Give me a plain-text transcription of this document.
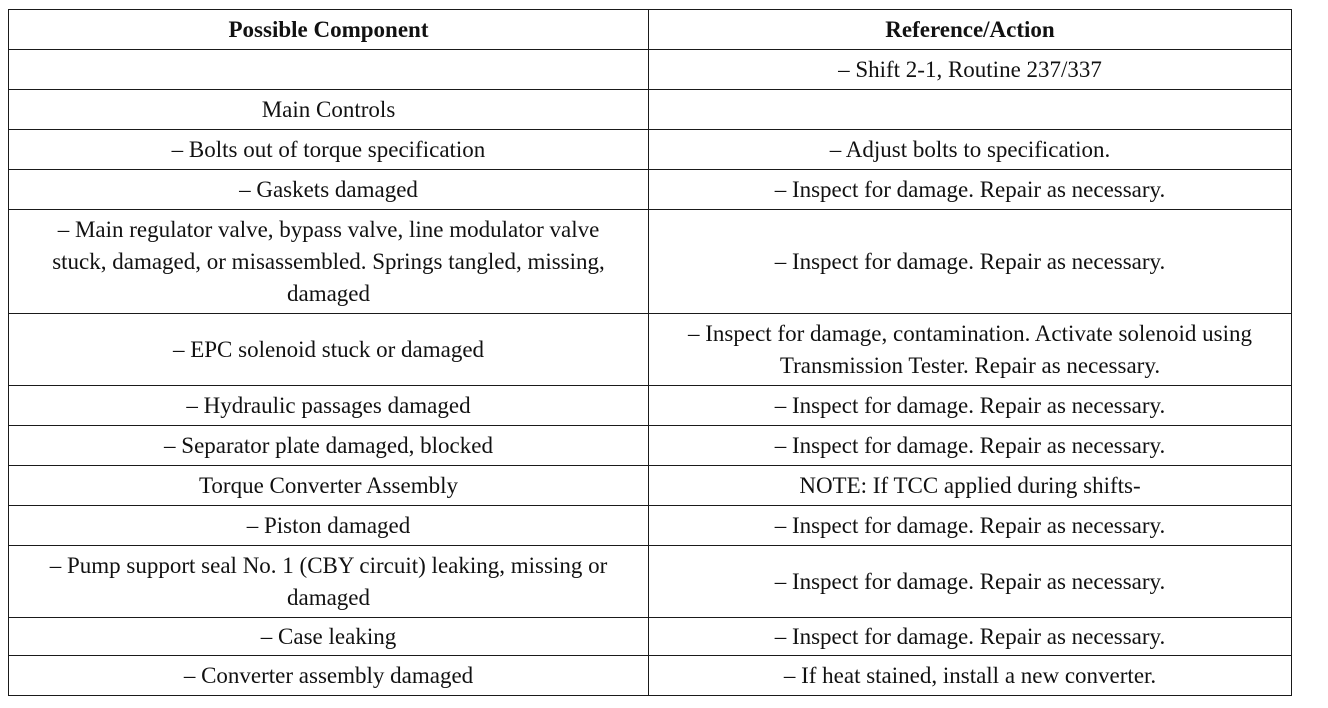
Possible Component	Reference/Action
	– Shift 2-1, Routine 237/337
Main Controls	
– Bolts out of torque specification	– Adjust bolts to specification.
– Gaskets damaged	– Inspect for damage. Repair as necessary.
– Main regulator valve, bypass valve, line modulator valve stuck, damaged, or misassembled. Springs tangled, missing, damaged	– Inspect for damage. Repair as necessary.
– EPC solenoid stuck or damaged	– Inspect for damage, contamination. Activate solenoid using Transmission Tester. Repair as necessary.
– Hydraulic passages damaged	– Inspect for damage. Repair as necessary.
– Separator plate damaged, blocked	– Inspect for damage. Repair as necessary.
Torque Converter Assembly	NOTE: If TCC applied during shifts-
– Piston damaged	– Inspect for damage. Repair as necessary.
– Pump support seal No. 1 (CBY circuit) leaking, missing or damaged	– Inspect for damage. Repair as necessary.
– Case leaking	– Inspect for damage. Repair as necessary.
– Converter assembly damaged	– If heat stained, install a new converter.
